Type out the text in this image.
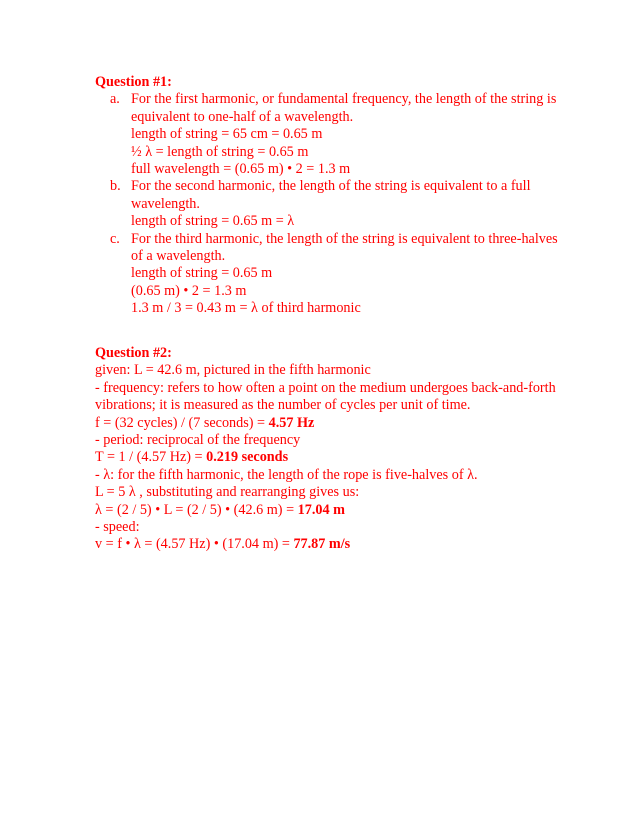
Question #1:
a. For the first harmonic, or fundamental frequency, the length of the string is equivalent to one-half of a wavelength.
length of string = 65 cm = 0.65 m
½ λ = length of string = 0.65 m
full wavelength = (0.65 m) • 2 = 1.3 m
b. For the second harmonic, the length of the string is equivalent to a full wavelength.
length of string = 0.65 m = λ
c. For the third harmonic, the length of the string is equivalent to three-halves of a wavelength.
length of string = 0.65 m
(0.65 m) • 2 = 1.3 m
1.3 m / 3 = 0.43 m = λ of third harmonic
Question #2:
given: L = 42.6 m, pictured in the fifth harmonic
- frequency: refers to how often a point on the medium undergoes back-and-forth vibrations; it is measured as the number of cycles per unit of time.
f = (32 cycles) / (7 seconds) = 4.57 Hz
- period: reciprocal of the frequency
T = 1 / (4.57 Hz) = 0.219 seconds
- λ: for the fifth harmonic, the length of the rope is five-halves of λ.
L = 5 λ , substituting and rearranging gives us:
λ = (2 / 5) • L = (2 / 5) • (42.6 m) = 17.04 m
- speed:
v = f • λ = (4.57 Hz) • (17.04 m) = 77.87 m/s
